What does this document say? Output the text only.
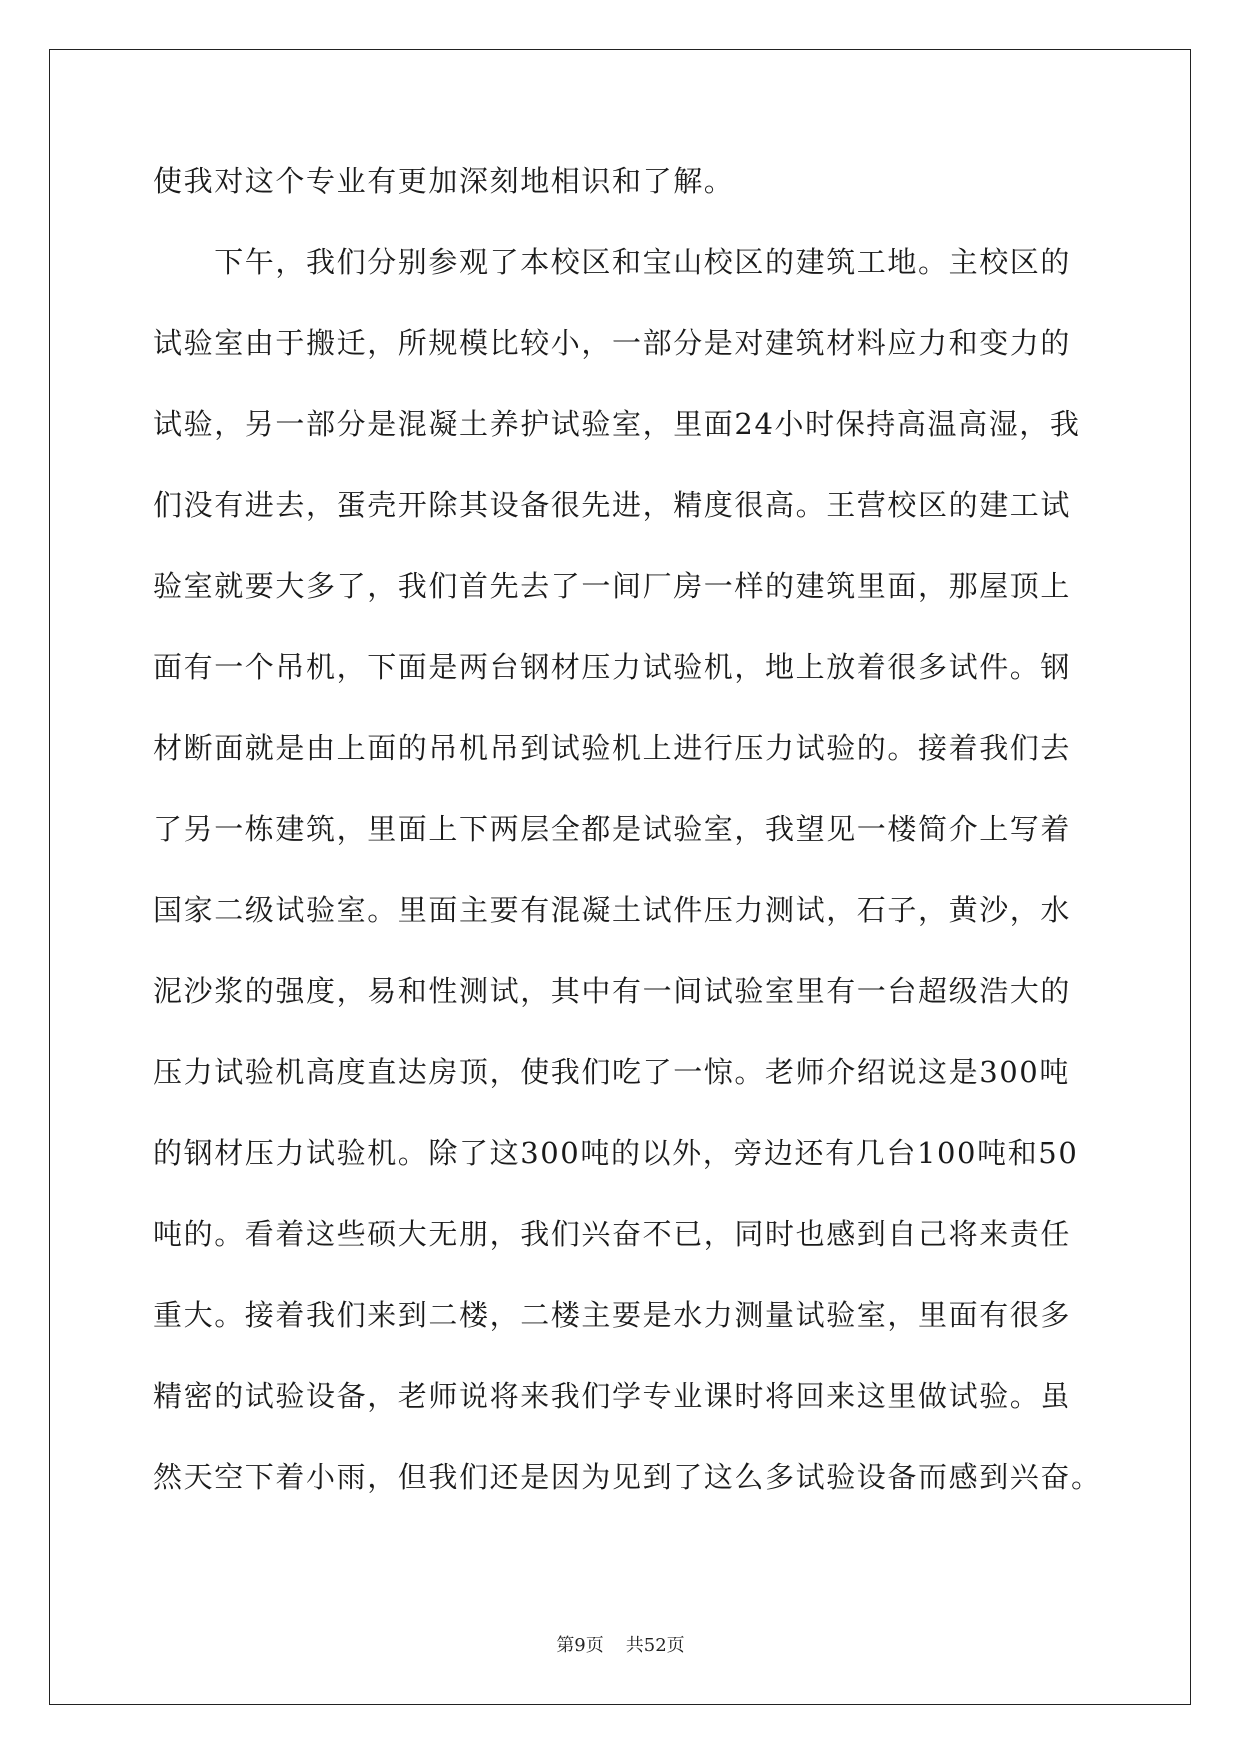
使我对这个专业有更加深刻地相识和了解。
　　下午，我们分别参观了本校区和宝山校区的建筑工地。主校区的
试验室由于搬迁，所规模比较小，一部分是对建筑材料应力和变力的
试验，另一部分是混凝土养护试验室，里面24小时保持高温高湿，我
们没有进去，蛋壳开除其设备很先进，精度很高。王营校区的建工试
验室就要大多了，我们首先去了一间厂房一样的建筑里面，那屋顶上
面有一个吊机，下面是两台钢材压力试验机，地上放着很多试件。钢
材断面就是由上面的吊机吊到试验机上进行压力试验的。接着我们去
了另一栋建筑，里面上下两层全都是试验室，我望见一楼简介上写着
国家二级试验室。里面主要有混凝土试件压力测试，石子，黄沙，水
泥沙浆的强度，易和性测试，其中有一间试验室里有一台超级浩大的
压力试验机高度直达房顶，使我们吃了一惊。老师介绍说这是300吨
的钢材压力试验机。除了这300吨的以外，旁边还有几台100吨和50
吨的。看着这些硕大无朋，我们兴奋不已，同时也感到自己将来责任
重大。接着我们来到二楼，二楼主要是水力测量试验室，里面有很多
精密的试验设备，老师说将来我们学专业课时将回来这里做试验。虽
然天空下着小雨，但我们还是因为见到了这么多试验设备而感到兴奋。
第9页 共52页
